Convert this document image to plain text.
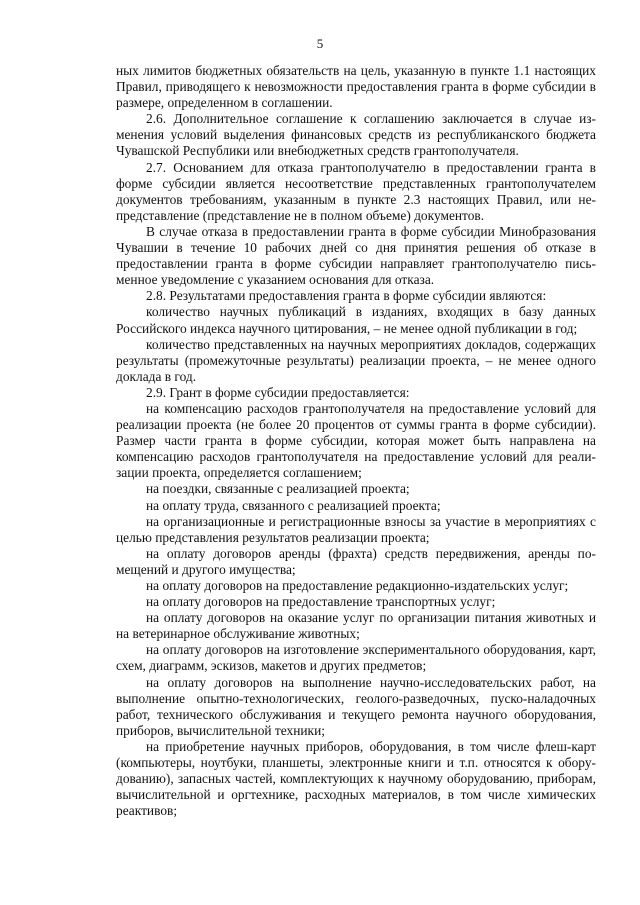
5

ных лимитов бюджетных обязательств на цель, указанную в пункте 1.1 настоящих Правил, приводящего к невозможности предоставления гранта в форме субсидии в размере, определенном в соглашении.

2.6. Дополнительное соглашение к соглашению заключается в случае изменения условий выделения финансовых средств из республиканского бюджета Чувашской Республики или внебюджетных средств грантополучателя.

2.7. Основанием для отказа грантополучателю в предоставлении гранта в форме субсидии является несоответствие представленных грантополучателем документов требованиям, указанным в пункте 2.3 настоящих Правил, или непредставление (представление не в полном объеме) документов.

В случае отказа в предоставлении гранта в форме субсидии Минобразования Чувашии в течение 10 рабочих дней со дня принятия решения об отказе в предоставлении гранта в форме субсидии направляет грантополучателю письменное уведомление с указанием основания для отказа.

2.8. Результатами предоставления гранта в форме субсидии являются:

количество научных публикаций в изданиях, входящих в базу данных Российского индекса научного цитирования, – не менее одной публикации в год;

количество представленных на научных мероприятиях докладов, содержащих результаты (промежуточные результаты) реализации проекта, – не менее одного доклада в год.

2.9. Грант в форме субсидии предоставляется:

на компенсацию расходов грантополучателя на предоставление условий для реализации проекта (не более 20 процентов от суммы гранта в форме субсидии). Размер части гранта в форме субсидии, которая может быть направлена на компенсацию расходов грантополучателя на предоставление условий для реализации проекта, определяется соглашением;

на поездки, связанные с реализацией проекта;

на оплату труда, связанного с реализацией проекта;

на организационные и регистрационные взносы за участие в мероприятиях с целью представления результатов реализации проекта;

на оплату договоров аренды (фрахта) средств передвижения, аренды помещений и другого имущества;

на оплату договоров на предоставление редакционно-издательских услуг;

на оплату договоров на предоставление транспортных услуг;

на оплату договоров на оказание услуг по организации питания животных и на ветеринарное обслуживание животных;

на оплату договоров на изготовление экспериментального оборудования, карт, схем, диаграмм, эскизов, макетов и других предметов;

на оплату договоров на выполнение научно-исследовательских работ, на выполнение опытно-технологических, геолого-разведочных, пуско-наладочных работ, технического обслуживания и текущего ремонта научного оборудования, приборов, вычислительной техники;

на приобретение научных приборов, оборудования, в том числе флеш-карт (компьютеры, ноутбуки, планшеты, электронные книги и т.п. относятся к оборудованию), запасных частей, комплектующих к научному оборудованию, приборам, вычислительной и оргтехнике, расходных материалов, в том числе химических реактивов;
